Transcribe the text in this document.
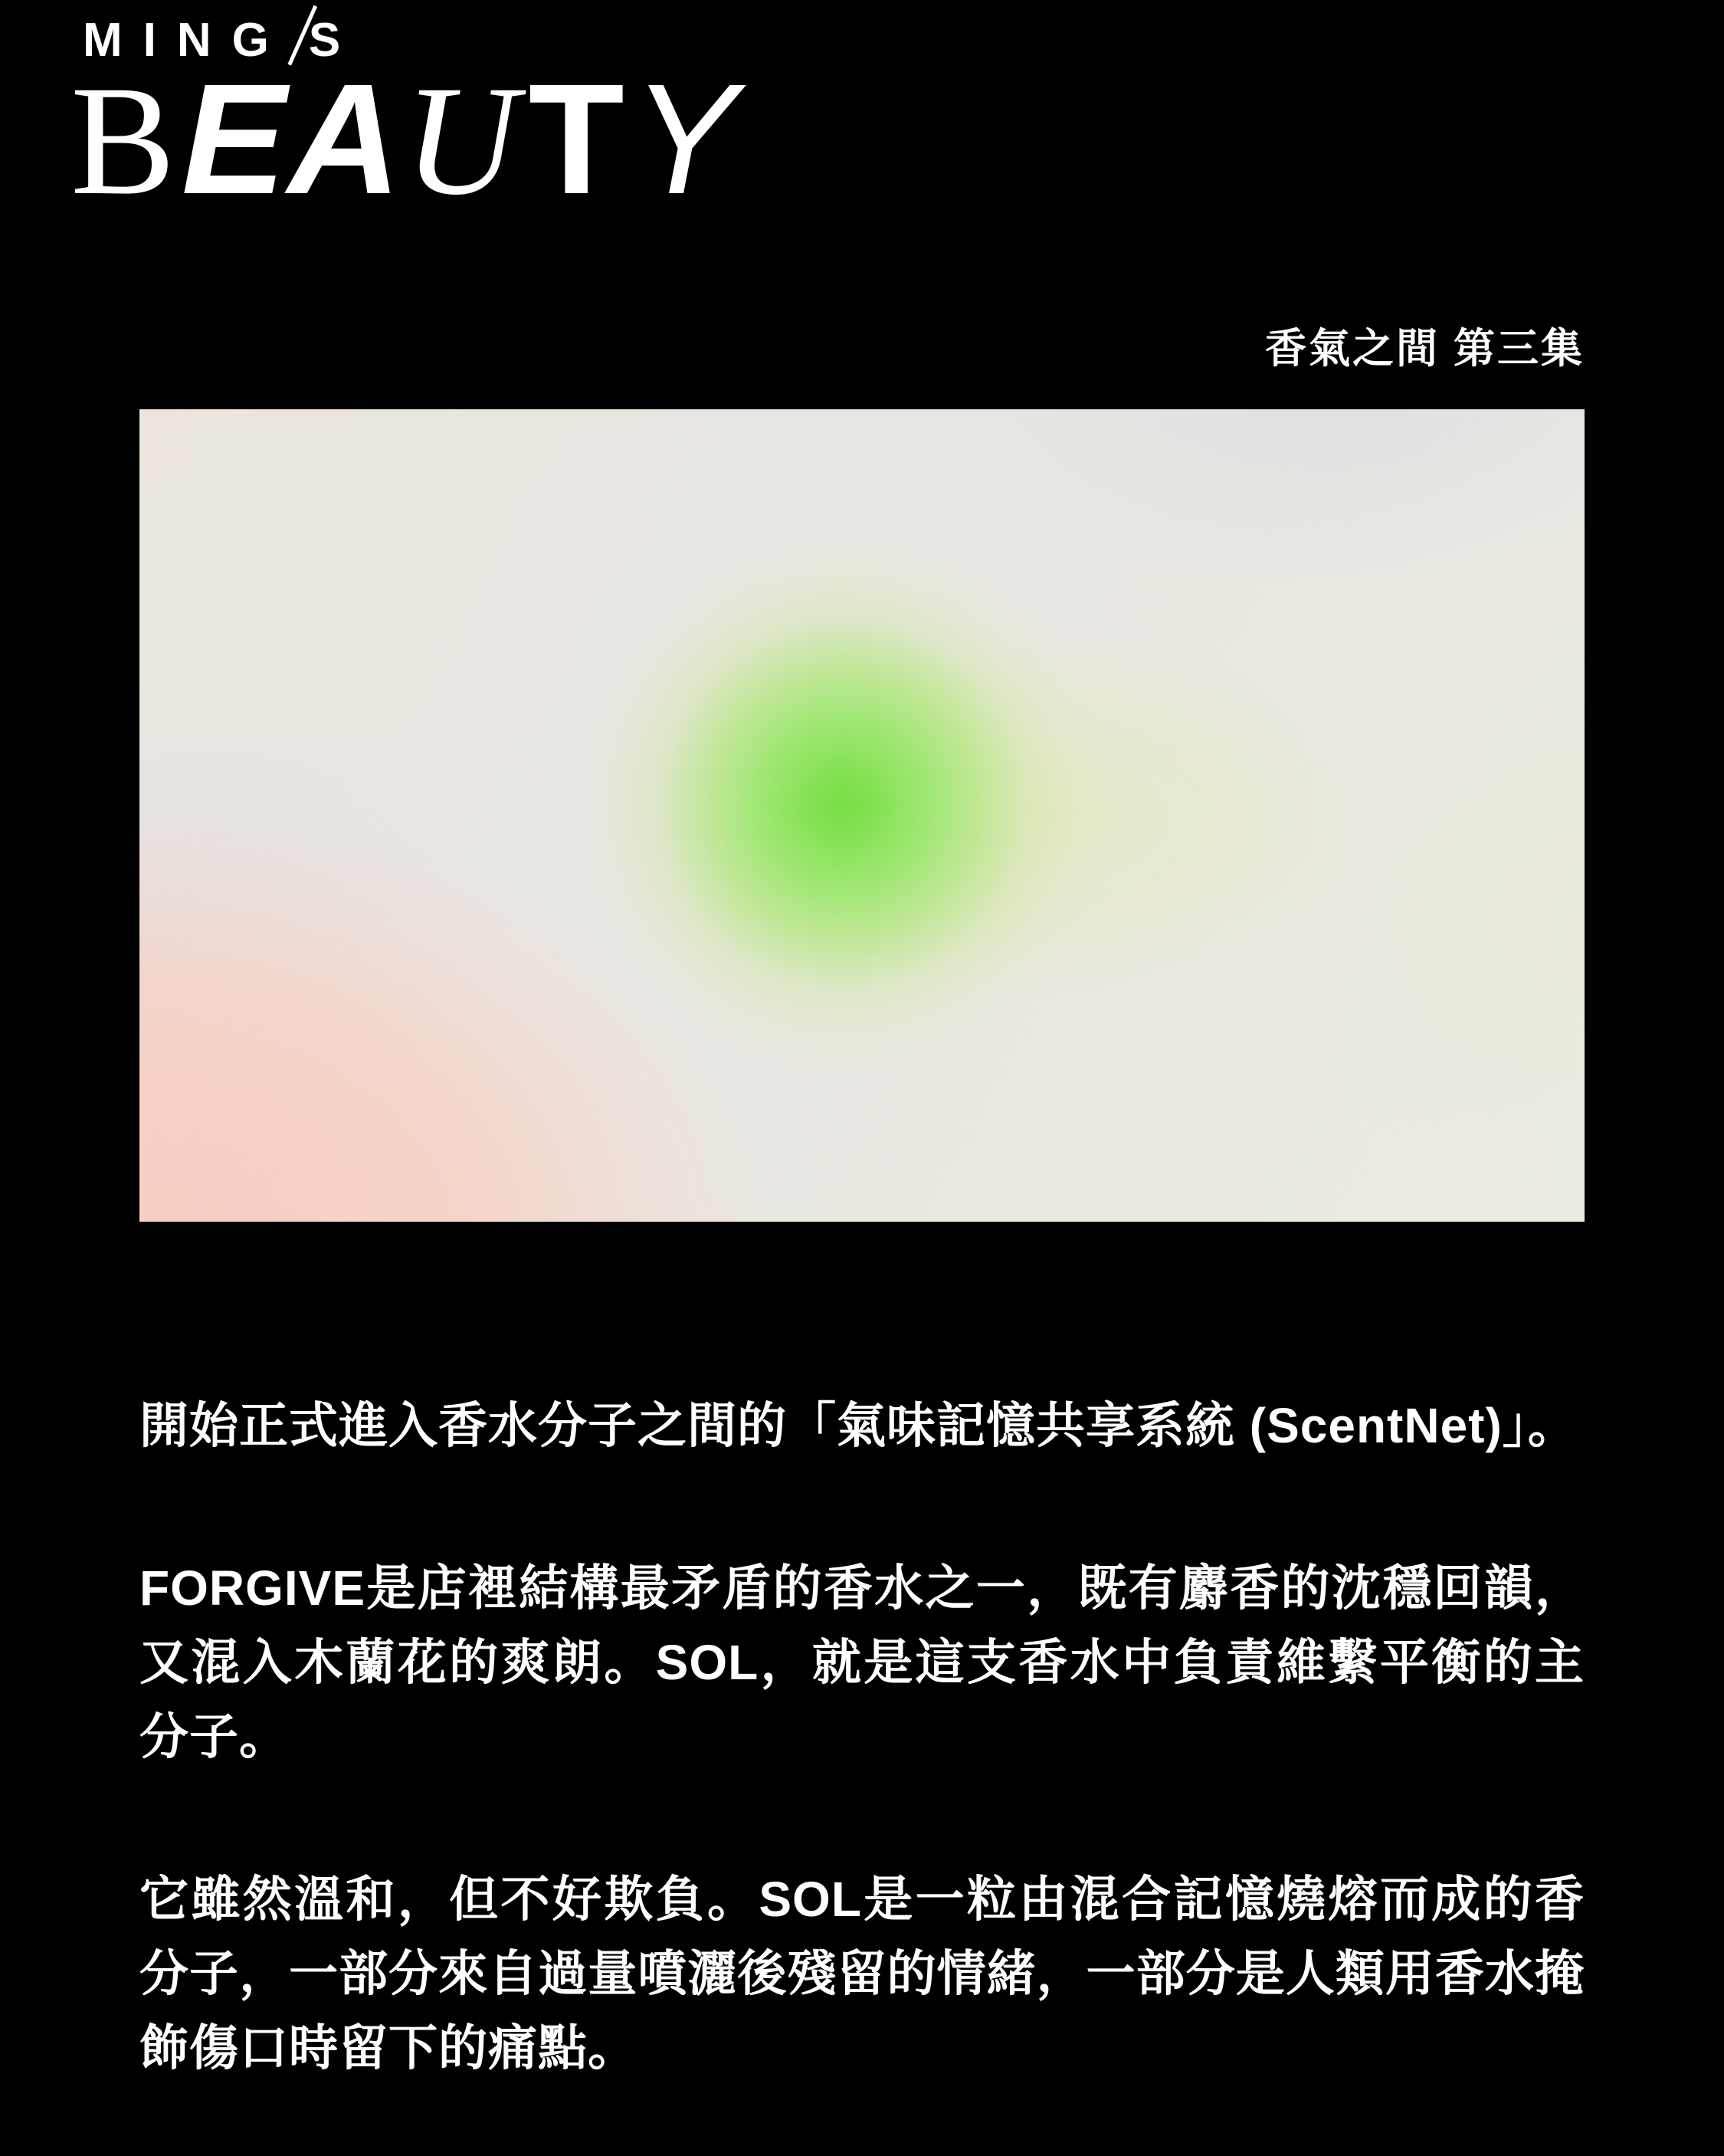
MING S
BEAUTY
香氣之間 第三集

開始正式進入香水分子之間的「氣味記憶共享系統 (ScentNet)」。

FORGIVE是店裡結構最矛盾的香水之一，既有麝香的沈穩回韻，又混入木蘭花的爽朗。SOL，就是這支香水中負責維繫平衡的主分子。

它雖然溫和，但不好欺負。SOL是一粒由混合記憶燒熔而成的香分子，一部分來自過量噴灑後殘留的情緒，一部分是人類用香水掩飾傷口時留下的痛點。
